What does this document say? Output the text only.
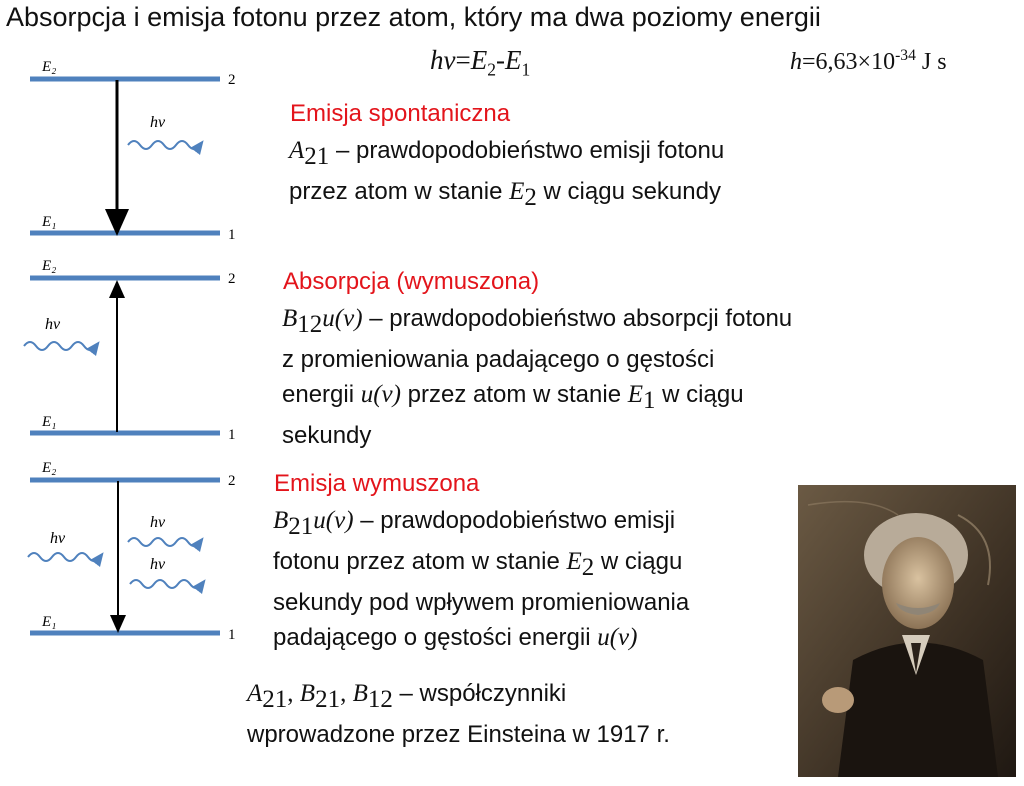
Absorpcja i emisja fotonu przez atom, który ma dwa poziomy energii
$h\nu=E_2-E_1$	$h=6,63\times 10^{-34}$ J s
E₂
E₁
2
1
hν
E₂
E₁
2
1
hν
E₂
E₁
2
1
hν
hν
hν
Emisja spontaniczna
$A_{21}$ – prawdopodobieństwo emisji fotonu
przez atom w stanie $E_2$ w ciągu sekundy
Absorpcja (wymuszona)
$B_{12}u(\nu)$ – prawdopodobieństwo absorpcji fotonu
z promieniowania padającego o gęstości
energii u(ν) przez atom w stanie $E_1$ w ciągu
sekundy
Emisja wymuszona
$B_{21}u(\nu)$ – prawdopodobieństwo emisji
fotonu przez atom w stanie $E_2$ w ciągu
sekundy pod wpływem promieniowania
padającego o gęstości energii u(ν)
$A_{21}$, $B_{21}$, $B_{12}$ – współczynniki
wprowadzone przez Einsteina w 1917 r.
